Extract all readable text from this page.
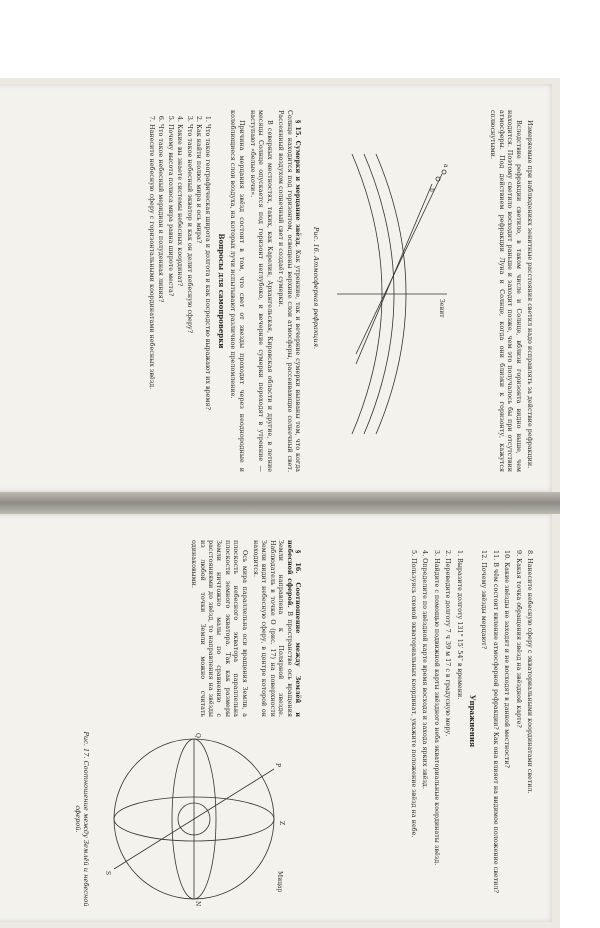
Измеряемые при наблюдениях зенитные расстояния светил надо исправлять за действие рефракции.

Вследствие рефракции светило, в таком числе и Солнце, вблизи горизонта видно выше, чем находится. Поэтому светило восходит раньше и заходит позже, чем это получалось бы при отсутствии атмосферы. Под действием рефракции Луна и Солнце, когда они близки к горизонту, кажутся сплюснутыми.

Зенит
а
b
Рис. 16. Атмосферная рефракция.

§ 15. Сумерки и мерцание звёзд. Как утренние, так и вечерние сумерки вызваны тем, что когда Солнце находится под горизонтом, освещены верхние слои атмосферы, рассеивающие солнечный свет. Рассеянный воздухом солнечный свет и создаёт сумерки.

В северных местностях, таких, как Карелия, Архангельская, Кировская области и другие, в летние месяцы Солнце опускается под горизонт неглубоко, и вечерние сумерки переходят в утренние — наступают «белые ночи».

Причина мерцания звёзд состоит в том, что свет от звезды проходит через неоднородные и колеблющиеся слои воздуха, на которых лучи испытывают различное преломление.

Вопросы для самопроверки

1. Что такое географическая широта и долгота и как посредство выражают их время?
2. Как найти полюс мира и ось мира?
3. Что такое небесный экватор и как он делит небесную сферу?
4. Какие вы знаете системы небесных координат?
5. Почему высота полюса мира равна широте места?
6. Что такое небесный меридиан и полуденная линия?
7. Нанесите небесную сферу с горизонтальными координатами небесных звёзд.

8. Нанесите небесную сферу с экваториальными координатами светил.

9. Какая точка обращения звёзд на звёздной карте?

10. Какие звёзды не заходят и не восходят в данной местности?

11. В чём состоит явление атмосферной рефракции? Как она влияет на видимое положение светил?

12. Почему звёзды мерцают?

Упражнения

1. Выразите долготу 131° 15′ 54″ в времени.

2. Переведите долготу 7 ч 39 м 17 с в градусную меру.

3. Найдите с помощью подвижной карты звёздного неба экваториальные координаты звёзд.

4. Определите по звёздной карте время восхода и захода ярких звёзд.

5. Пользуясь схемой экваториальных координат, укажите положение звёзд на небе.

§ 16. Соотношение между Землёй и небесной сферой. В пространстве ось вращения Земли направлена к Полярной звезде. Наблюдатель в точке O (рис. 17) на поверхности Земли видит небесную сферу, в центре которой он находится.

Ось мира параллельна оси вращения Земли, а плоскость небесного экватора параллельна плоскости земного экватора. Так как размеры Земли ничтожно малы по сравнению с расстояниями до звёзд, то направления на звёзды из любой точки Земли можно считать одинаковыми.

Мицар
P
Q
Z
N
S
Рис. 17. Соотношение между Землёй и небесной сферой.
